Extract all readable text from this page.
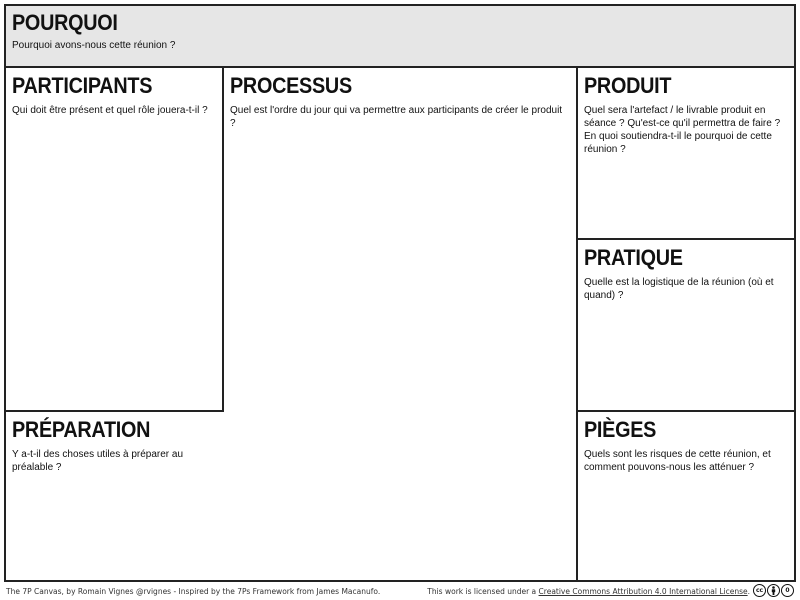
POURQUOI
Pourquoi avons-nous cette réunion ?
PARTICIPANTS
Qui doit être présent et quel rôle jouera-t-il ?
PROCESSUS
Quel est l'ordre du jour qui va permettre aux participants de créer le produit ?
PRODUIT
Quel sera l'artefact / le livrable produit en séance ? Qu'est-ce qu'il permettra de faire ? En quoi soutiendra-t-il le pourquoi de cette réunion ?
PRATIQUE
Quelle est la logistique de la réunion (où et quand) ?
PRÉPARATION
Y a-t-il des choses utiles à préparer au préalable ?
PIÈGES
Quels sont les risques de cette réunion, et comment pouvons-nous les atténuer ?
The 7P Canvas, by Romain Vignes @rvignes - Inspired by the 7Ps Framework from James Macanufo.	This work is licensed under a Creative Commons Attribution 4.0 International License. cc	0
